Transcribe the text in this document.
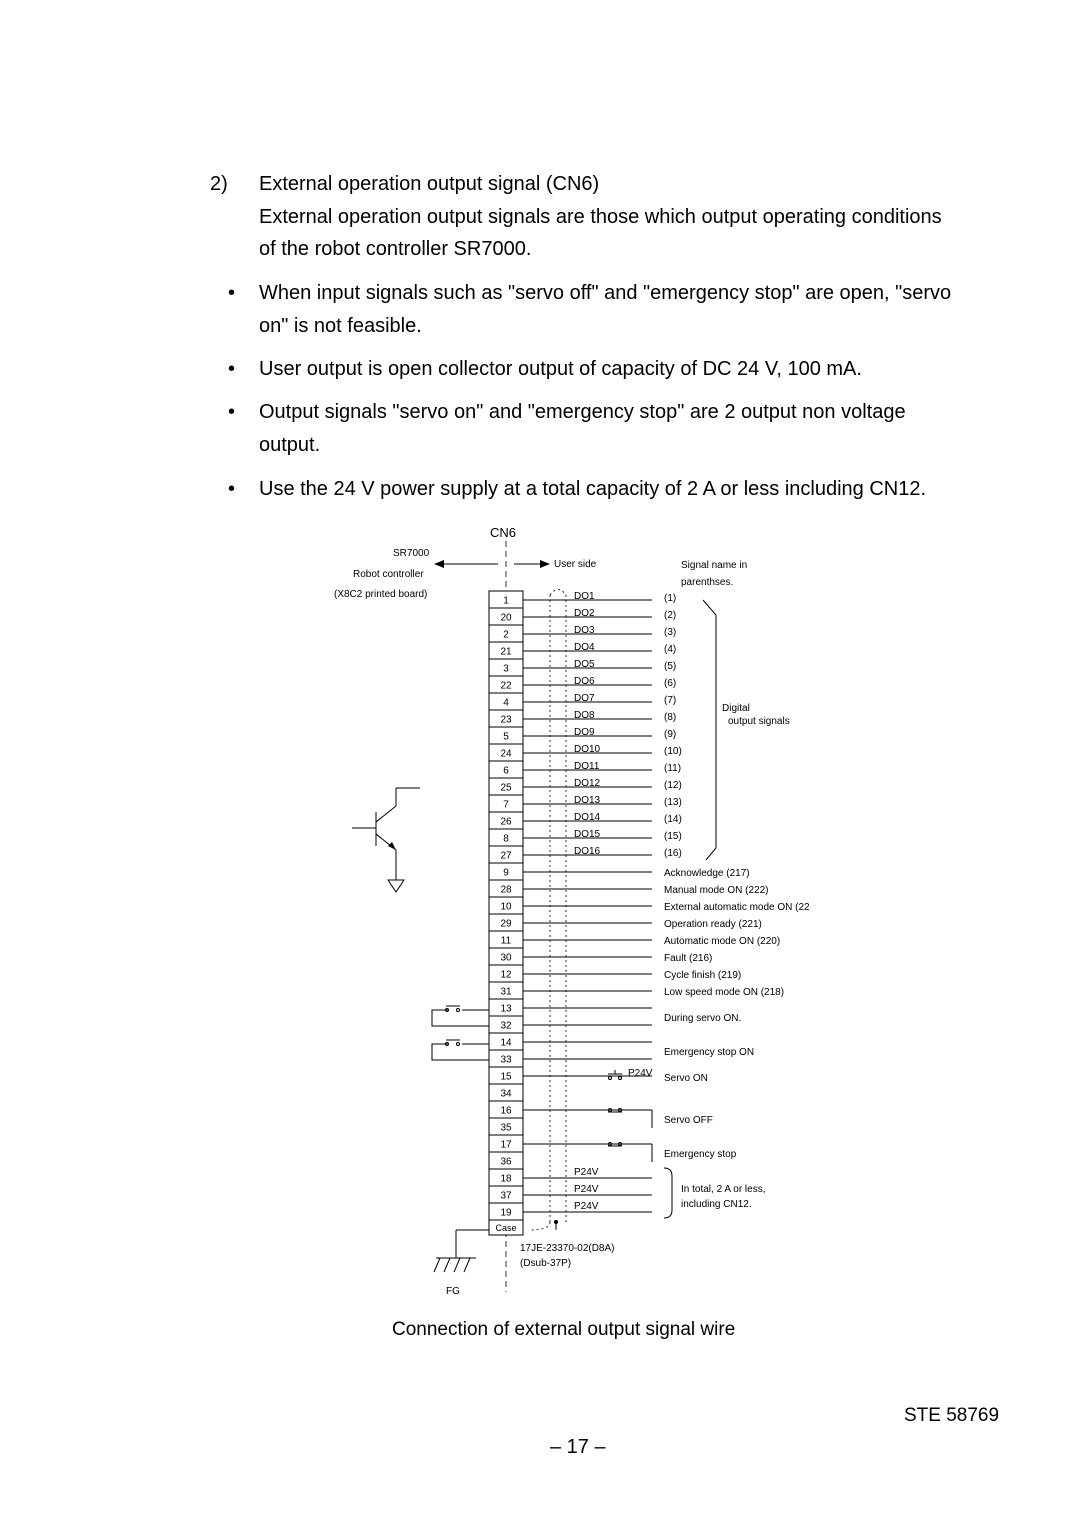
2) External operation output signal (CN6)
External operation output signals are those which output operating conditions
of the robot controller SR7000.
• When input signals such as "servo off" and "emergency stop" are open, "servo
on" is not feasible.
• User output is open collector output of capacity of DC 24 V, 100 mA.
• Output signals "servo on" and "emergency stop" are 2 output non voltage
output.
• Use the 24 V power supply at a total capacity of 2 A or less including CN12.
CN6
SR7000
Robot controller
(X8C2 printed board)
User side	Signal name in
parenthses.
Digital
output signals
During servo ON.
Emergency stop ON
P24V Servo ON
Servo OFF
Emergency stop
P24V
P24V
P24V
In total, 2 A or less,
including CN12.
17JE-23370-02(D8A)
(Dsub-37P)
FG
1
20
2
21
3
22
4
23
5
24
6
25
7
26
8
27
9
28
10
29
11
30
12
31
13
32
14
33
15
34
16
35
17
36
18
37
19
Case
DO1	(1)
DO2	(2)
DO3	(3)
DO4	(4)
DO5	(5)
DO6	(6)
DO7	(7)
DO8	(8)
DO9	(9)
DO10	(10)
DO11	(11)
DO12	(12)
DO13	(13)
DO14	(14)
DO15	(15)
DO16	(16)
Acknowledge (217)
Manual mode ON (222)
External automatic mode ON (22
Operation ready (221)
Automatic mode ON (220)
Fault (216)
Cycle finish (219)
Low speed mode ON (218)
Connection of external output signal wire
STE 58769
– 17 –
